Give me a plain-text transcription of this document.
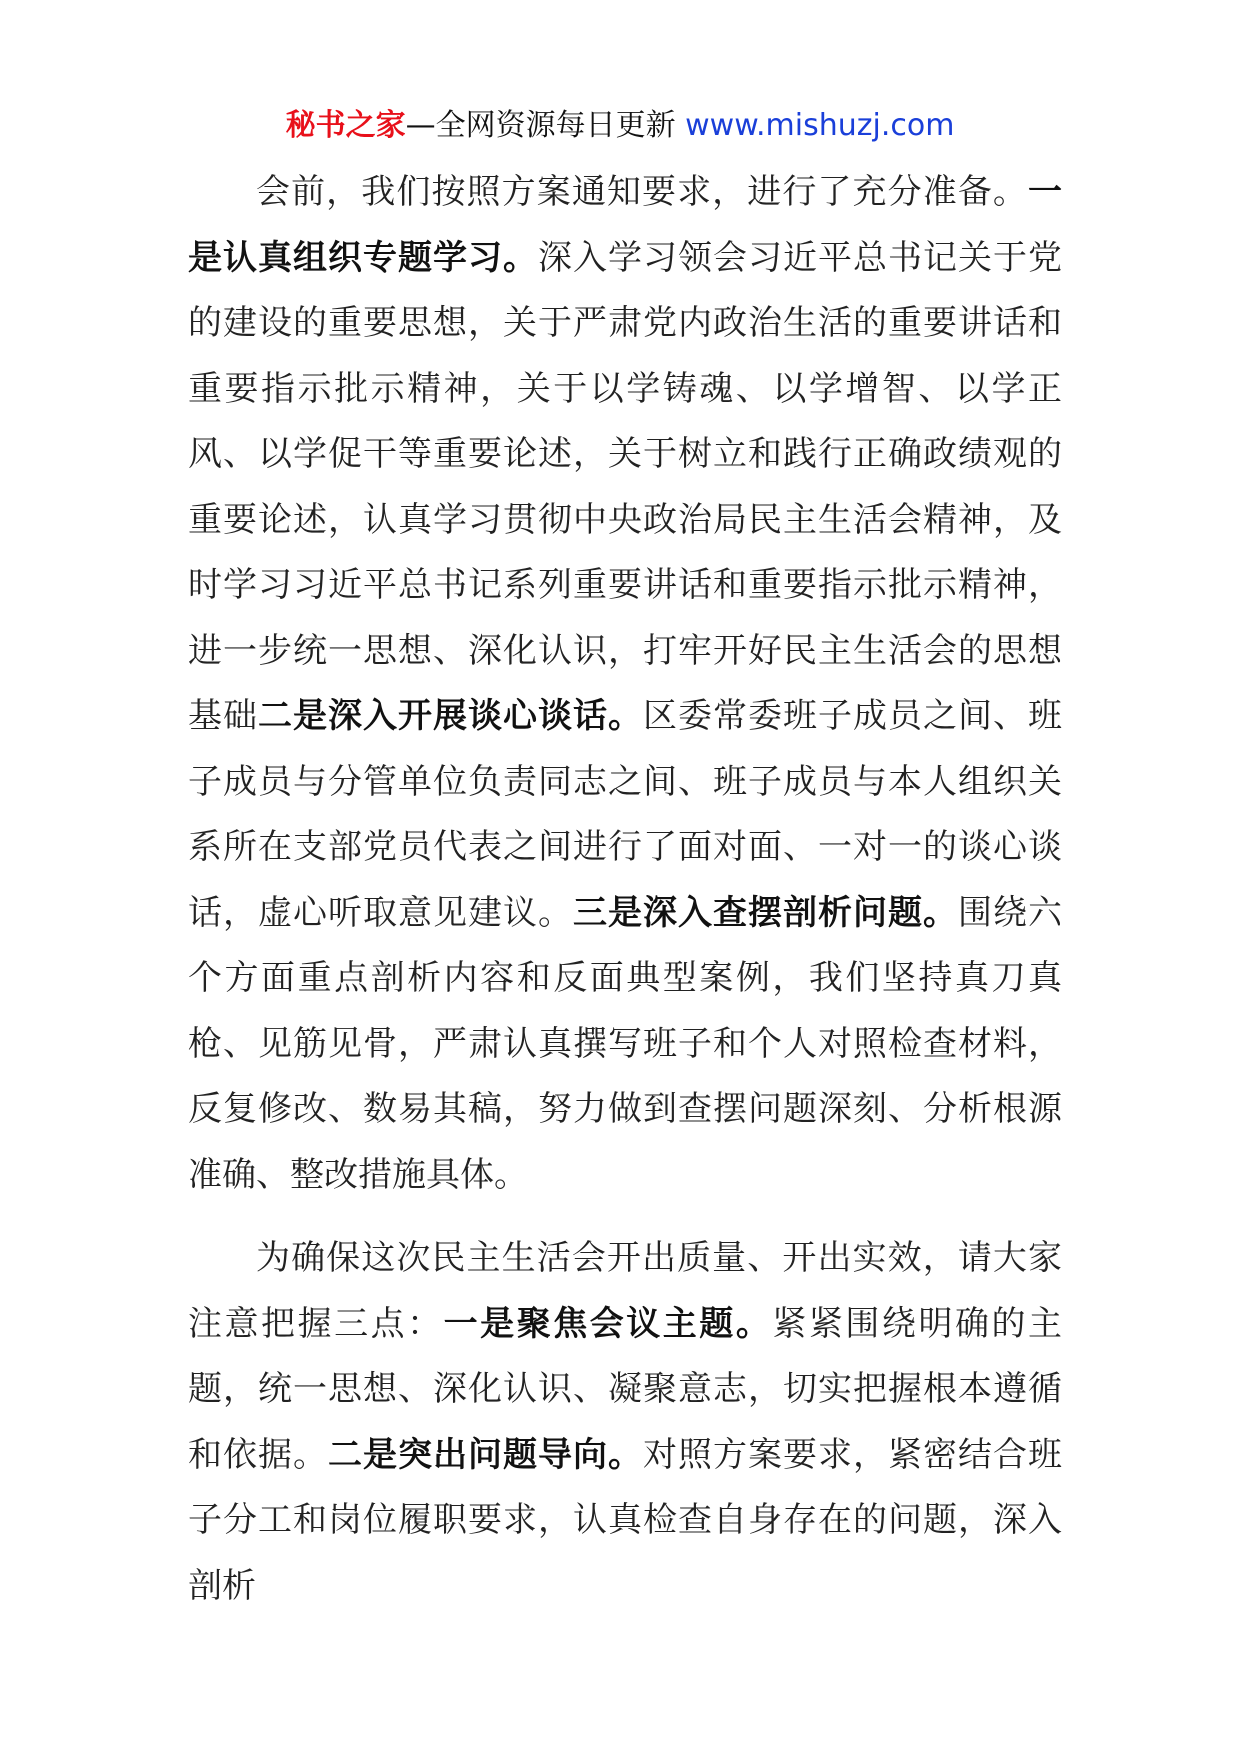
秘书之家—全网资源每日更新 www.mishuzj.com

会前，我们按照方案通知要求，进行了充分准备。一是认真组织专题学习。深入学习领会习近平总书记关于党的建设的重要思想，关于严肃党内政治生活的重要讲话和重要指示批示精神，关于以学铸魂、以学增智、以学正风、以学促干等重要论述，关于树立和践行正确政绩观的重要论述，认真学习贯彻中央政治局民主生活会精神，及时学习习近平总书记系列重要讲话和重要指示批示精神，进一步统一思想、深化认识，打牢开好民主生活会的思想基础二是深入开展谈心谈话。区委常委班子成员之间、班子成员与分管单位负责同志之间、班子成员与本人组织关系所在支部党员代表之间进行了面对面、一对一的谈心谈话，虚心听取意见建议。三是深入查摆剖析问题。围绕六个方面重点剖析内容和反面典型案例，我们坚持真刀真枪、见筋见骨，严肃认真撰写班子和个人对照检查材料，反复修改、数易其稿，努力做到查摆问题深刻、分析根源准确、整改措施具体。

为确保这次民主生活会开出质量、开出实效，请大家注意把握三点：一是聚焦会议主题。紧紧围绕明确的主题，统一思想、深化认识、凝聚意志，切实把握根本遵循和依据。二是突出问题导向。对照方案要求，紧密结合班子分工和岗位履职要求，认真检查自身存在的问题，深入剖析
